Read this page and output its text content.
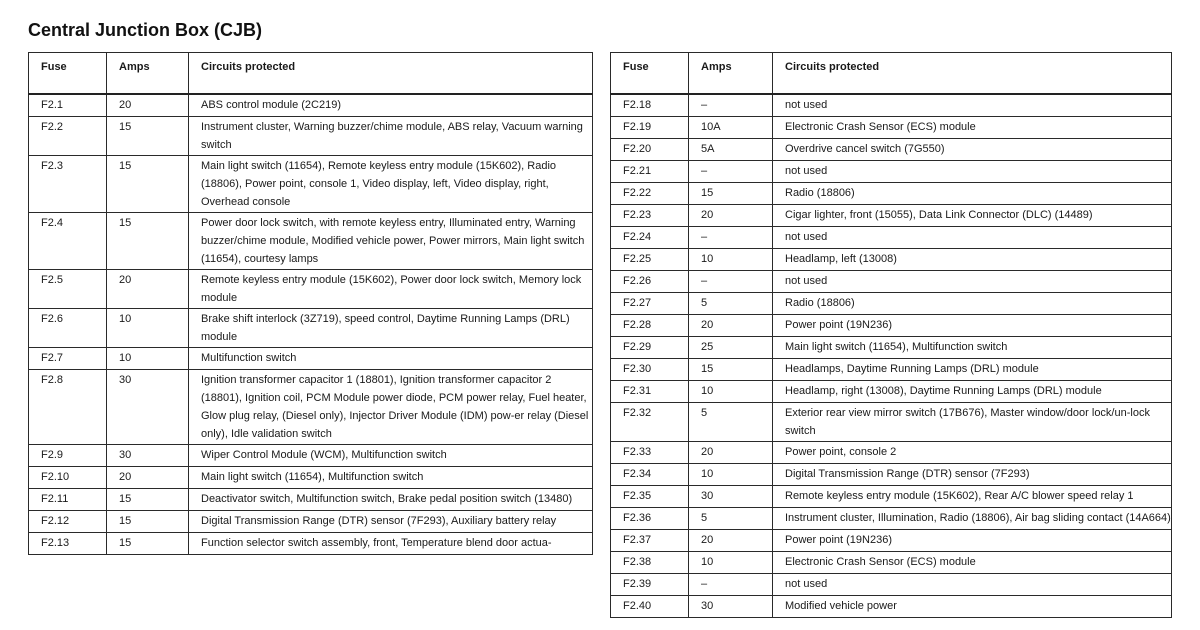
Central Junction Box (CJB)
Fuse	Amps	Circuits protected
F2.1	20	ABS control module (2C219)
F2.2	15	Instrument cluster, Warning buzzer/chime module, ABS relay, Vacuum warning switch
F2.3	15	Main light switch (11654), Remote keyless entry module (15K602), Radio (18806), Power point, console 1, Video display, left, Video display, right, Overhead console
F2.4	15	Power door lock switch, with remote keyless entry, Illuminated entry, Warning buzzer/chime module, Modified vehicle power, Power mirrors, Main light switch (11654), courtesy lamps
F2.5	20	Remote keyless entry module (15K602), Power door lock switch, Memory lock module
F2.6	10	Brake shift interlock (3Z719), speed control, Daytime Running Lamps (DRL) module
F2.7	10	Multifunction switch
F2.8	30	Ignition transformer capacitor 1 (18801), Ignition transformer capacitor 2 (18801), Ignition coil, PCM Module power diode, PCM power relay, Fuel heater, Glow plug relay, (Diesel only), Injector Driver Module (IDM) pow-er relay (Diesel only), Idle validation switch
F2.9	30	Wiper Control Module (WCM), Multifunction switch
F2.10	20	Main light switch (11654), Multifunction switch
F2.11	15	Deactivator switch, Multifunction switch, Brake pedal position switch (13480)
F2.12	15	Digital Transmission Range (DTR) sensor (7F293), Auxiliary battery relay
F2.13	15	Function selector switch assembly, front, Temperature blend door actua-
Fuse	Amps	Circuits protected
F2.18	–	not used
F2.19	10A	Electronic Crash Sensor (ECS) module
F2.20	5A	Overdrive cancel switch (7G550)
F2.21	–	not used
F2.22	15	Radio (18806)
F2.23	20	Cigar lighter, front (15055), Data Link Connector (DLC) (14489)
F2.24	–	not used
F2.25	10	Headlamp, left (13008)
F2.26	–	not used
F2.27	5	Radio (18806)
F2.28	20	Power point (19N236)
F2.29	25	Main light switch (11654), Multifunction switch
F2.30	15	Headlamps, Daytime Running Lamps (DRL) module
F2.31	10	Headlamp, right (13008), Daytime Running Lamps (DRL) module
F2.32	5	Exterior rear view mirror switch (17B676), Master window/door lock/un-lock switch
F2.33	20	Power point, console 2
F2.34	10	Digital Transmission Range (DTR) sensor (7F293)
F2.35	30	Remote keyless entry module (15K602), Rear A/C blower speed relay 1
F2.36	5	Instrument cluster, Illumination, Radio (18806), Air bag sliding contact (14A664)
F2.37	20	Power point (19N236)
F2.38	10	Electronic Crash Sensor (ECS) module
F2.39	–	not used
F2.40	30	Modified vehicle power
